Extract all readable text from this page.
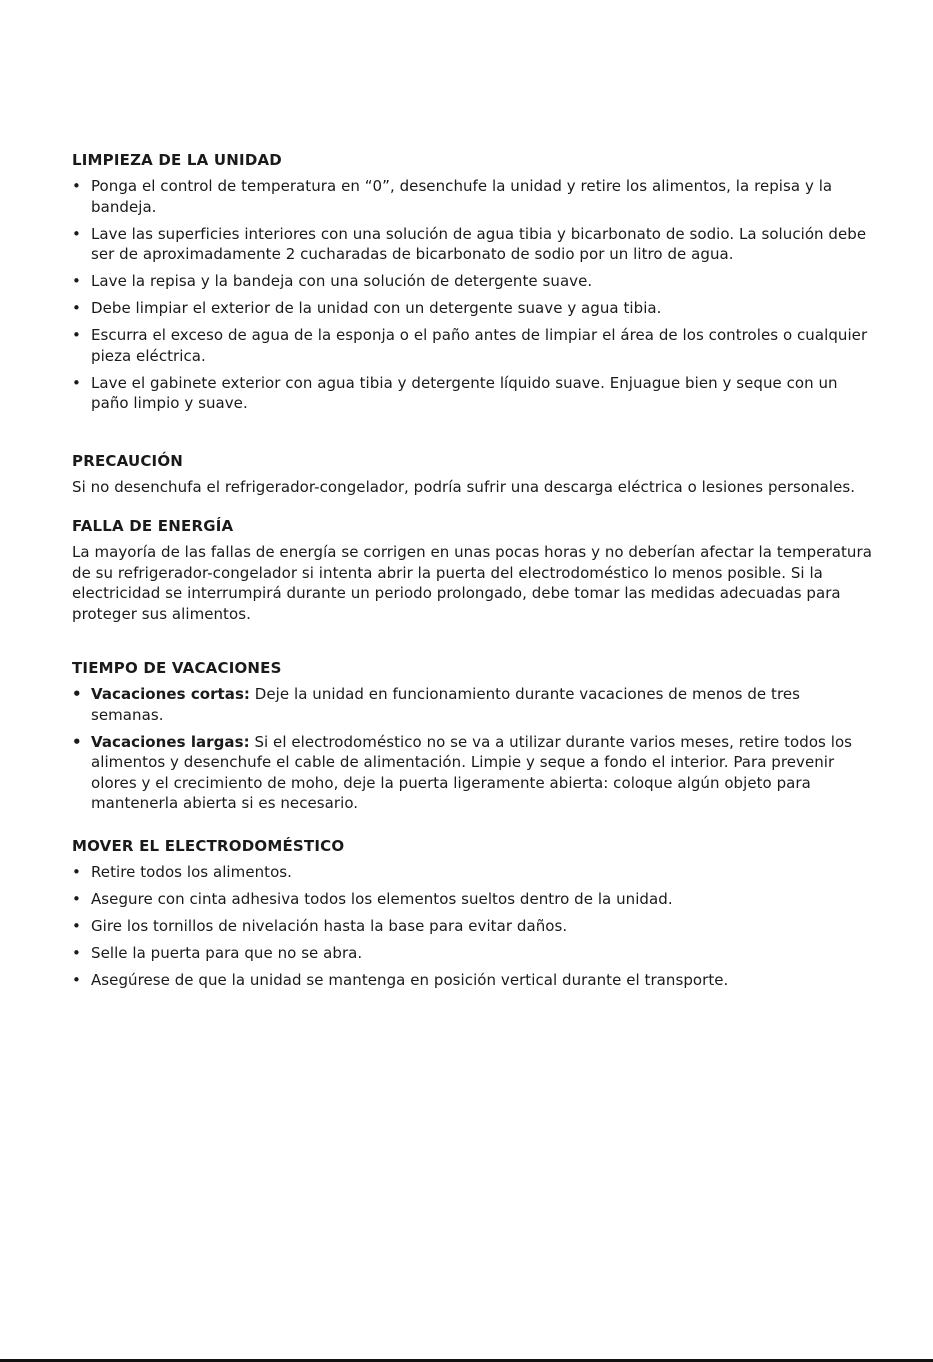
LIMPIEZA DE LA UNIDAD
• Ponga el control de temperatura en “0”, desenchufe la unidad y retire los alimentos, la repisa y la bandeja.
• Lave las superficies interiores con una solución de agua tibia y bicarbonato de sodio. La solución debe ser de aproximadamente 2 cucharadas de bicarbonato de sodio por un litro de agua.
• Lave la repisa y la bandeja con una solución de detergente suave.
• Debe limpiar el exterior de la unidad con un detergente suave y agua tibia.
• Escurra el exceso de agua de la esponja o el paño antes de limpiar el área de los controles o cualquier pieza eléctrica.
• Lave el gabinete exterior con agua tibia y detergente líquido suave. Enjuague bien y seque con un paño limpio y suave.
PRECAUCIÓN

Si no desenchufa el refrigerador-congelador, podría sufrir una descarga eléctrica o lesiones personales.

FALLA DE ENERGÍA

La mayoría de las fallas de energía se corrigen en unas pocas horas y no deberían afectar la temperatura de su refrigerador-congelador si intenta abrir la puerta del electrodoméstico lo menos posible. Si la electricidad se interrumpirá durante un periodo prolongado, debe tomar las medidas adecuadas para proteger sus alimentos.

TIEMPO DE VACACIONES
• Vacaciones cortas: Deje la unidad en funcionamiento durante vacaciones de menos de tres semanas.
• Vacaciones largas: Si el electrodoméstico no se va a utilizar durante varios meses, retire todos los alimentos y desenchufe el cable de alimentación. Limpie y seque a fondo el interior. Para prevenir olores y el crecimiento de moho, deje la puerta ligeramente abierta: coloque algún objeto para mantenerla abierta si es necesario.
MOVER EL ELECTRODOMÉSTICO
• Retire todos los alimentos.
• Asegure con cinta adhesiva todos los elementos sueltos dentro de la unidad.
• Gire los tornillos de nivelación hasta la base para evitar daños.
• Selle la puerta para que no se abra.
• Asegúrese de que la unidad se mantenga en posición vertical durante el transporte.
